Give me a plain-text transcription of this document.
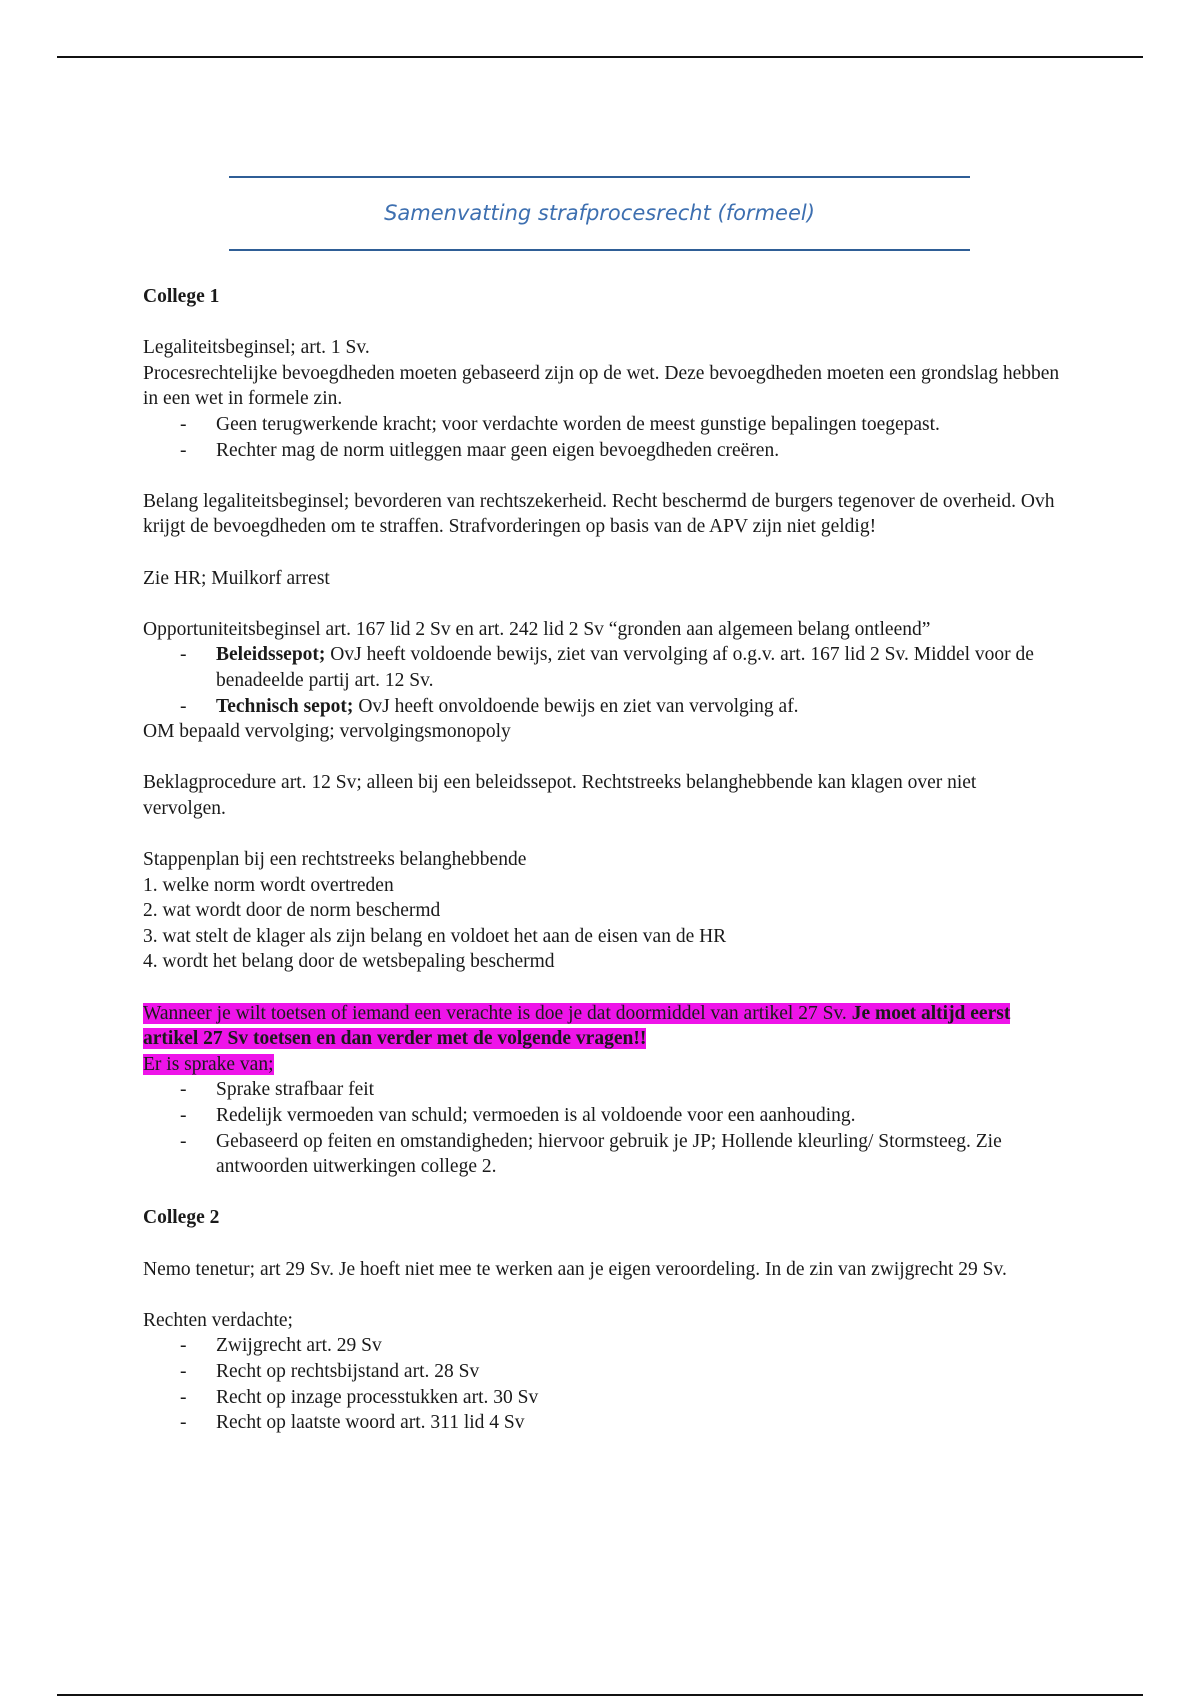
Samenvatting strafprocesrecht (formeel)

College 1

Legaliteitsbeginsel; art. 1 Sv.

Procesrechtelijke bevoegdheden moeten gebaseerd zijn op de wet. Deze bevoegdheden moeten een grondslag hebben in een wet in formele zin.

- Geen terugwerkende kracht; voor verdachte worden de meest gunstige bepalingen toegepast.
- Rechter mag de norm uitleggen maar geen eigen bevoegdheden creëren.

Belang legaliteitsbeginsel; bevorderen van rechtszekerheid. Recht beschermd de burgers tegenover de overheid. Ovh krijgt de bevoegdheden om te straffen. Strafvorderingen op basis van de APV zijn niet geldig!

Zie HR; Muilkorf arrest

Opportuniteitsbeginsel art. 167 lid 2 Sv en art. 242 lid 2 Sv “gronden aan algemeen belang ontleend”

- Beleidssepot; OvJ heeft voldoende bewijs, ziet van vervolging af o.g.v. art. 167 lid 2 Sv. Middel voor de benadeelde partij art. 12 Sv.
- Technisch sepot; OvJ heeft onvoldoende bewijs en ziet van vervolging af.

OM bepaald vervolging; vervolgingsmonopoly

Beklagprocedure art. 12 Sv; alleen bij een beleidssepot. Rechtstreeks belanghebbende kan klagen over niet vervolgen.

Stappenplan bij een rechtstreeks belanghebbende

1. welke norm wordt overtreden

2. wat wordt door de norm beschermd

3. wat stelt de klager als zijn belang en voldoet het aan de eisen van de HR

4. wordt het belang door de wetsbepaling beschermd

Wanneer je wilt toetsen of iemand een verachte is doe je dat doormiddel van artikel 27 Sv. Je moet altijd eerst artikel 27 Sv toetsen en dan verder met de volgende vragen!!

Er is sprake van;

- Sprake strafbaar feit
- Redelijk vermoeden van schuld; vermoeden is al voldoende voor een aanhouding.
- Gebaseerd op feiten en omstandigheden; hiervoor gebruik je JP; Hollende kleurling/ Stormsteeg. Zie antwoorden uitwerkingen college 2.

College 2

Nemo tenetur; art 29 Sv. Je hoeft niet mee te werken aan je eigen veroordeling. In de zin van zwijgrecht 29 Sv.

Rechten verdachte;

- Zwijgrecht art. 29 Sv
- Recht op rechtsbijstand art. 28 Sv
- Recht op inzage processtukken art. 30 Sv
- Recht op laatste woord art. 311 lid 4 Sv
